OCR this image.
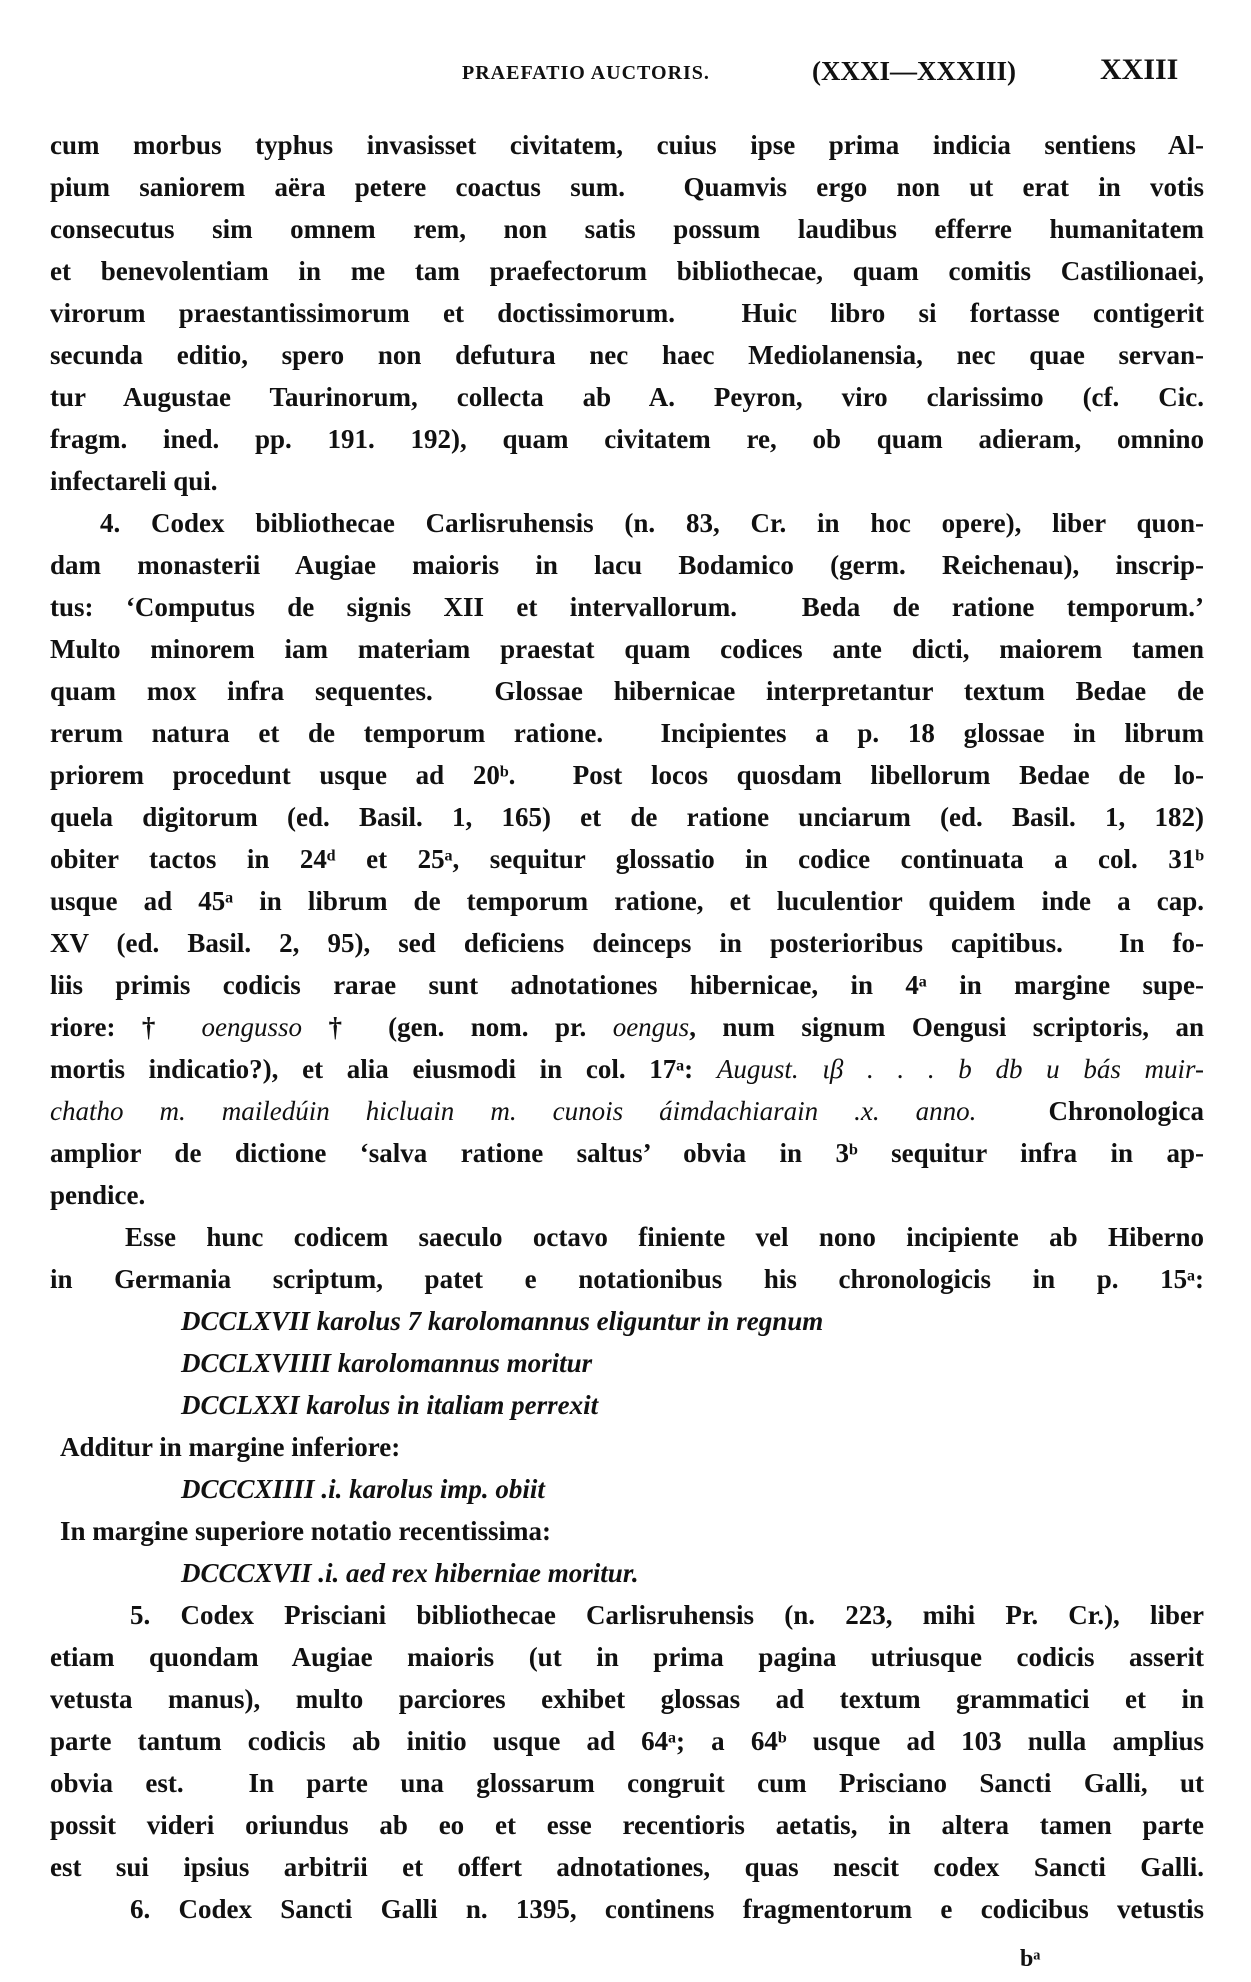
PRAEFATIO AUCTORIS.	(XXXI—XXXIII)	XXIII
cum morbus typhus invasisset civitatem, cuius ipse prima indicia sentiens Al-
pium saniorem aëra petere coactus sum.  Quamvis ergo non ut erat in votis
consecutus sim omnem rem, non satis possum laudibus efferre humanitatem
et benevolentiam in me tam praefectorum bibliothecae, quam comitis Castilionaei,
virorum praestantissimorum et doctissimorum.  Huic libro si fortasse contigerit
secunda editio, spero non defutura nec haec Mediolanensia, nec quae servan-
tur Augustae Taurinorum, collecta ab A. Peyron, viro clarissimo (cf. Cic.
fragm. ined. pp. 191. 192), quam civitatem re, ob quam adieram, omnino
infectareli qui.
4. Codex bibliothecae Carlisruhensis (n. 83, Cr. in hoc opere), liber quon-
dam monasterii Augiae maioris in lacu Bodamico (germ. Reichenau), inscrip-
tus: ‘Computus de signis XII et intervallorum.  Beda de ratione temporum.’
Multo minorem iam materiam praestat quam codices ante dicti, maiorem tamen
quam mox infra sequentes.  Glossae hibernicae interpretantur textum Bedae de
rerum natura et de temporum ratione.  Incipientes a p. 18 glossae in librum
priorem procedunt usque ad 20ᵇ.  Post locos quosdam libellorum Bedae de lo-
quela digitorum (ed. Basil. 1, 165) et de ratione unciarum (ed. Basil. 1, 182)
obiter tactos in 24ᵈ et 25ᵃ, sequitur glossatio in codice continuata a col. 31ᵇ
usque ad 45ᵃ in librum de temporum ratione, et luculentior quidem inde a cap.
XV (ed. Basil. 2, 95), sed deficiens deinceps in posterioribus capitibus.  In fo-
liis primis codicis rarae sunt adnotationes hibernicae, in 4ᵃ in margine supe-
riore: † oengusso † (gen. nom. pr. oengus, num signum Oengusi scriptoris, an
mortis indicatio?), et alia eiusmodi in col. 17ᵃ: August. ιβ . . . b db u bás muir-
chatho m. mailedúin hicluain m. cunois áimdachiarain .x. anno.  Chronologica
amplior de dictione ‘salva ratione saltus’ obvia in 3ᵇ sequitur infra in ap-
pendice.
Esse hunc codicem saeculo octavo finiente vel nono incipiente ab Hiberno
in Germania scriptum, patet e notationibus his chronologicis in p. 15ᵃ:
DCCLXVII karolus 7 karolomannus eliguntur in regnum
DCCLXVIIII karolomannus moritur
DCCLXXI karolus in italiam perrexit
Additur in margine inferiore:
DCCCXIIII .i. karolus imp. obiit
In margine superiore notatio recentissima:
DCCCXVII .i. aed rex hiberniae moritur.
5. Codex Prisciani bibliothecae Carlisruhensis (n. 223, mihi Pr. Cr.), liber
etiam quondam Augiae maioris (ut in prima pagina utriusque codicis asserit
vetusta manus), multo parciores exhibet glossas ad textum grammatici et in
parte tantum codicis ab initio usque ad 64ᵃ; a 64ᵇ usque ad 103 nulla amplius
obvia est.  In parte una glossarum congruit cum Prisciano Sancti Galli, ut
possit videri oriundus ab eo et esse recentioris aetatis, in altera tamen parte
est sui ipsius arbitrii et offert adnotationes, quas nescit codex Sancti Galli.
6. Codex Sancti Galli n. 1395, continens fragmentorum e codicibus vetustis
bᵃ
